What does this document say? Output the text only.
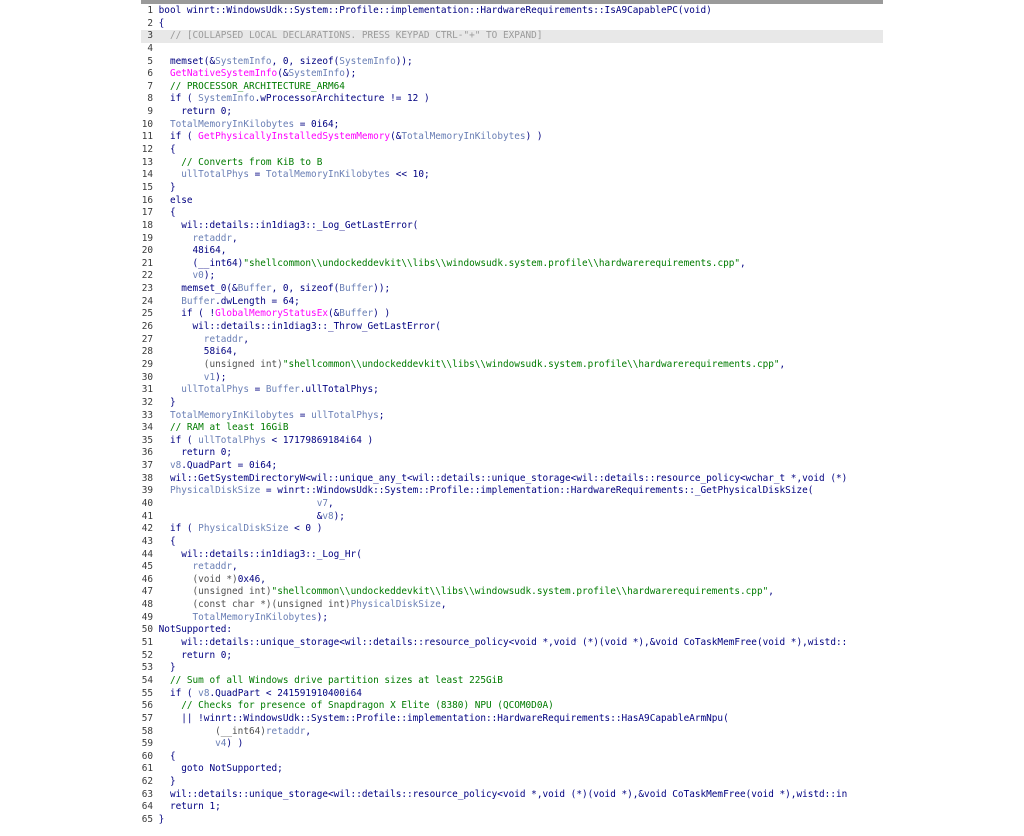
1 bool winrt::WindowsUdk::System::Profile::implementation::HardwareRequirements::IsA9CapablePC(void)
2 {
3   // [COLLAPSED LOCAL DECLARATIONS. PRESS KEYPAD CTRL-"+" TO EXPAND]
4
5   memset(&SystemInfo, 0, sizeof(SystemInfo));
6   GetNativeSystemInfo(&SystemInfo);
7   // PROCESSOR_ARCHITECTURE_ARM64
8   if ( SystemInfo.wProcessorArchitecture != 12 )
9     return 0;
10   TotalMemoryInKilobytes = 0i64;
11   if ( GetPhysicallyInstalledSystemMemory(&TotalMemoryInKilobytes) )
12   {
13     // Converts from KiB to B
14     ullTotalPhys = TotalMemoryInKilobytes << 10;
15   }
16   else
17   {
18     wil::details::in1diag3::_Log_GetLastError(
19       retaddr,
20       48i64,
21       (__int64)"shellcommon\\undockeddevkit\\libs\\windowsudk.system.profile\\hardwarerequirements.cpp",
22       v0);
23     memset_0(&Buffer, 0, sizeof(Buffer));
24     Buffer.dwLength = 64;
25     if ( !GlobalMemoryStatusEx(&Buffer) )
26       wil::details::in1diag3::_Throw_GetLastError(
27         retaddr,
28         58i64,
29         (unsigned int)"shellcommon\\undockeddevkit\\libs\\windowsudk.system.profile\\hardwarerequirements.cpp",
30         v1);
31     ullTotalPhys = Buffer.ullTotalPhys;
32   }
33   TotalMemoryInKilobytes = ullTotalPhys;
34   // RAM at least 16GiB
35   if ( ullTotalPhys < 17179869184i64 )
36     return 0;
37   v8.QuadPart = 0i64;
38   wil::GetSystemDirectoryW<wil::unique_any_t<wil::details::unique_storage<wil::details::resource_policy<wchar_t *,void (*)
39   PhysicalDiskSize = winrt::WindowsUdk::System::Profile::implementation::HardwareRequirements::_GetPhysicalDiskSize(
40                             v7,
41                             &v8);
42   if ( PhysicalDiskSize < 0 )
43   {
44     wil::details::in1diag3::_Log_Hr(
45       retaddr,
46       (void *)0x46,
47       (unsigned int)"shellcommon\\undockeddevkit\\libs\\windowsudk.system.profile\\hardwarerequirements.cpp",
48       (const char *)(unsigned int)PhysicalDiskSize,
49       TotalMemoryInKilobytes);
50 NotSupported:
51     wil::details::unique_storage<wil::details::resource_policy<void *,void (*)(void *),&void CoTaskMemFree(void *),wistd::
52     return 0;
53   }
54   // Sum of all Windows drive partition sizes at least 225GiB
55   if ( v8.QuadPart < 241591910400i64
56     // Checks for presence of Snapdragon X Elite (8380) NPU (QCOM0D0A)
57     || !winrt::WindowsUdk::System::Profile::implementation::HardwareRequirements::HasA9CapableArmNpu(
58           (__int64)retaddr,
59           v4) )
60   {
61     goto NotSupported;
62   }
63   wil::details::unique_storage<wil::details::resource_policy<void *,void (*)(void *),&void CoTaskMemFree(void *),wistd::in
64   return 1;
65 }
